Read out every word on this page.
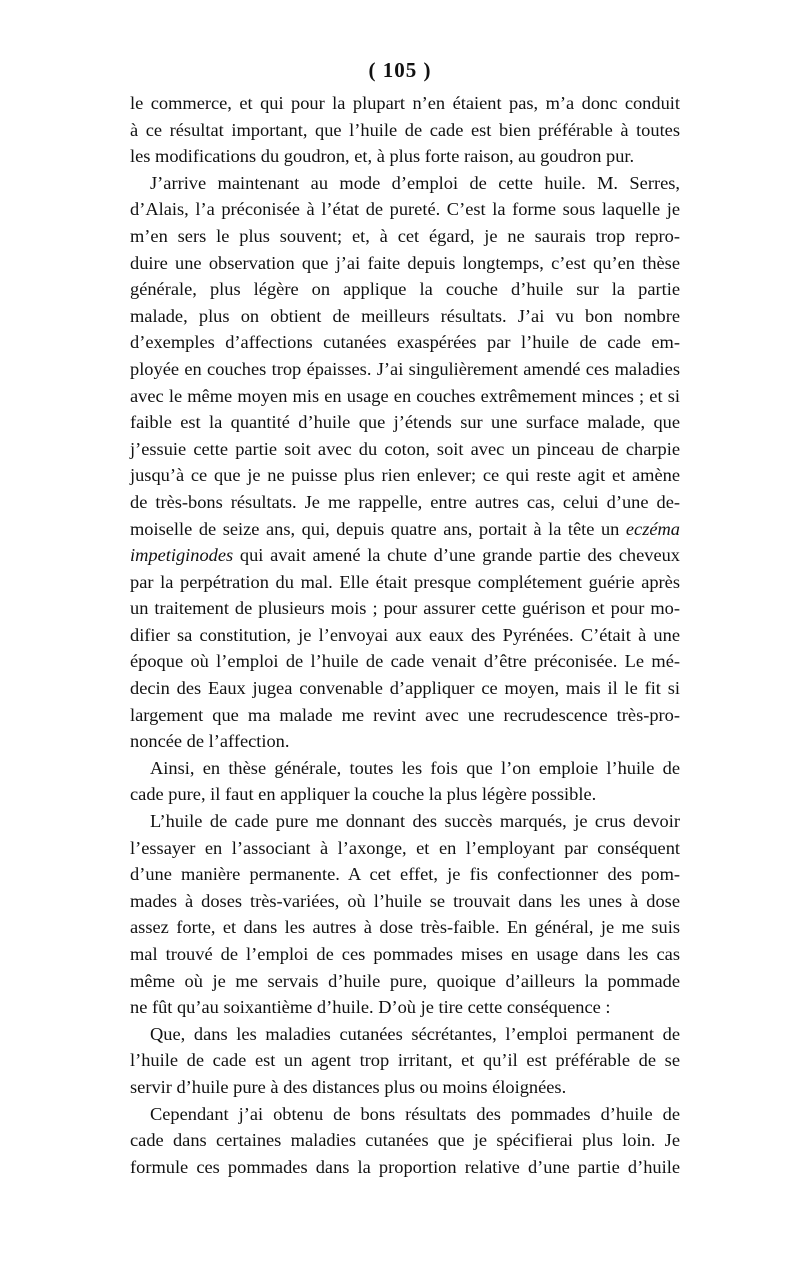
( 105 )
le commerce, et qui pour la plupart n’en étaient pas, m’a donc conduit
à ce résultat important, que l’huile de cade est bien préférable à toutes
les modifications du goudron, et, à plus forte raison, au goudron pur.
J’arrive maintenant au mode d’emploi de cette huile. M. Serres,
d’Alais, l’a préconisée à l’état de pureté. C’est la forme sous laquelle je
m’en sers le plus souvent; et, à cet égard, je ne saurais trop repro-
duire une observation que j’ai faite depuis longtemps, c’est qu’en thèse
générale, plus légère on applique la couche d’huile sur la partie
malade, plus on obtient de meilleurs résultats. J’ai vu bon nombre
d’exemples d’affections cutanées exaspérées par l’huile de cade em-
ployée en couches trop épaisses. J’ai singulièrement amendé ces maladies
avec le même moyen mis en usage en couches extrêmement minces ; et si
faible est la quantité d’huile que j’étends sur une surface malade, que
j’essuie cette partie soit avec du coton, soit avec un pinceau de charpie
jusqu’à ce que je ne puisse plus rien enlever; ce qui reste agit et amène
de très-bons résultats. Je me rappelle, entre autres cas, celui d’une de-
moiselle de seize ans, qui, depuis quatre ans, portait à la tête un eczéma
impetiginodes qui avait amené la chute d’une grande partie des cheveux
par la perpétration du mal. Elle était presque complétement guérie après
un traitement de plusieurs mois ; pour assurer cette guérison et pour mo-
difier sa constitution, je l’envoyai aux eaux des Pyrénées. C’était à une
époque où l’emploi de l’huile de cade venait d’être préconisée. Le mé-
decin des Eaux jugea convenable d’appliquer ce moyen, mais il le fit si
largement que ma malade me revint avec une recrudescence très-pro-
noncée de l’affection.
Ainsi, en thèse générale, toutes les fois que l’on emploie l’huile de
cade pure, il faut en appliquer la couche la plus légère possible.
L’huile de cade pure me donnant des succès marqués, je crus devoir
l’essayer en l’associant à l’axonge, et en l’employant par conséquent
d’une manière permanente. A cet effet, je fis confectionner des pom-
mades à doses très-variées, où l’huile se trouvait dans les unes à dose
assez forte, et dans les autres à dose très-faible. En général, je me suis
mal trouvé de l’emploi de ces pommades mises en usage dans les cas
même où je me servais d’huile pure, quoique d’ailleurs la pommade
ne fût qu’au soixantième d’huile. D’où je tire cette conséquence :
Que, dans les maladies cutanées sécrétantes, l’emploi permanent de
l’huile de cade est un agent trop irritant, et qu’il est préférable de se
servir d’huile pure à des distances plus ou moins éloignées.
Cependant j’ai obtenu de bons résultats des pommades d’huile de
cade dans certaines maladies cutanées que je spécifierai plus loin. Je
formule ces pommades dans la proportion relative d’une partie d’huile
